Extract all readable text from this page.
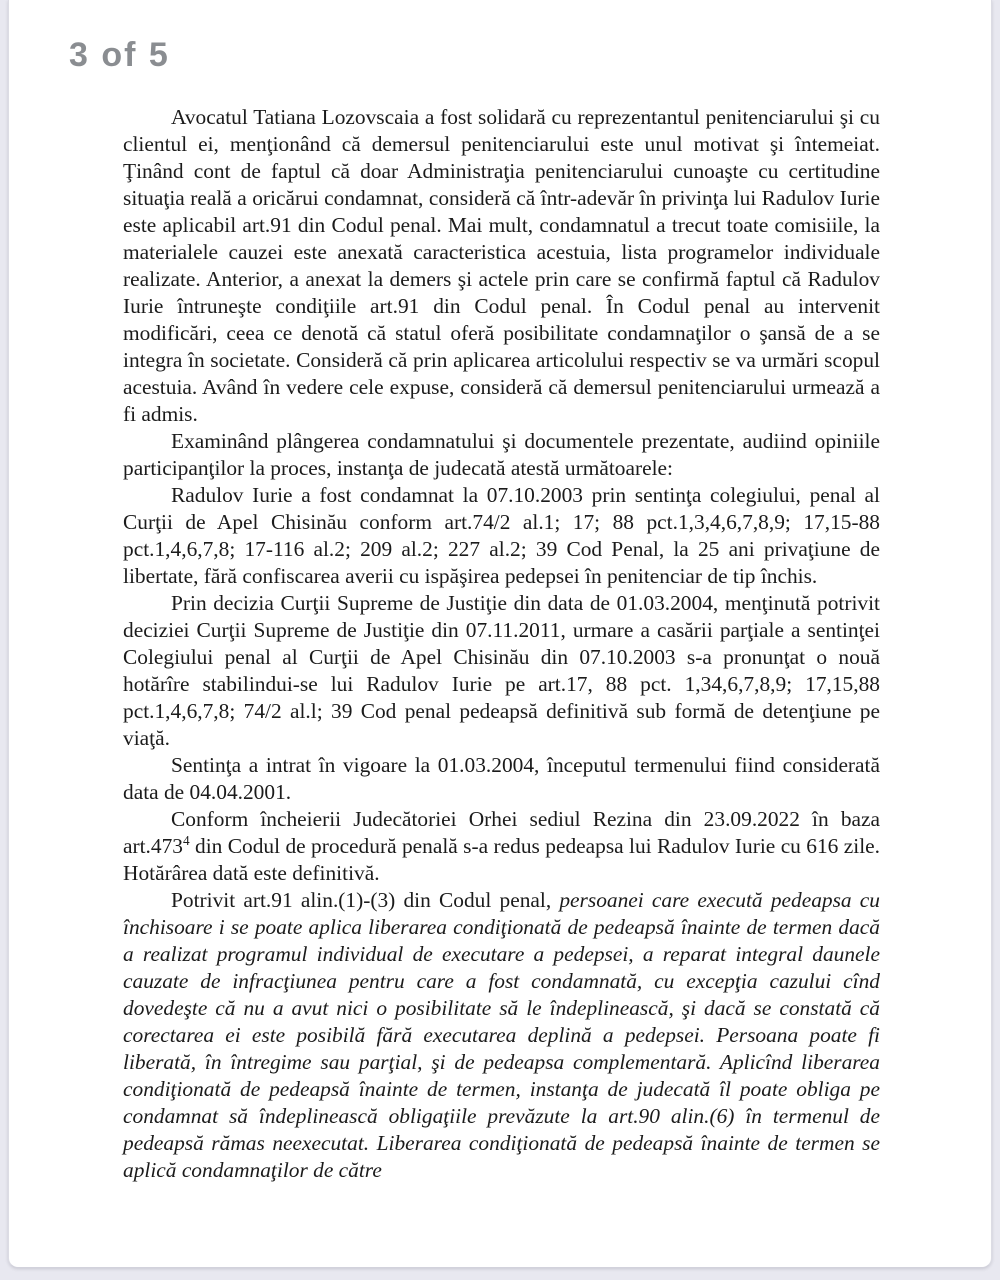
3 of 5

Avocatul Tatiana Lozovscaia a fost solidară cu reprezentantul penitenciarului şi cu clientul ei, menţionând că demersul penitenciarului este unul motivat şi întemeiat. Ţinând cont de faptul că doar Administraţia penitenciarului cunoaşte cu certitudine situaţia reală a oricărui condamnat, consideră că într-adevăr în privinţa lui Radulov Iurie este aplicabil art.91 din Codul penal. Mai mult, condamnatul a trecut toate comisiile, la materialele cauzei este anexată caracteristica acestuia, lista programelor individuale realizate. Anterior, a anexat la demers şi actele prin care se confirmă faptul că Radulov Iurie întruneşte condiţiile art.91 din Codul penal. În Codul penal au intervenit modificări, ceea ce denotă că statul oferă posibilitate condamnaţilor o şansă de a se integra în societate. Consideră că prin aplicarea articolului respectiv se va urmări scopul acestuia. Având în vedere cele expuse, consideră că demersul penitenciarului urmează a fi admis.

Examinând plângerea condamnatului şi documentele prezentate, audiind opiniile participanţilor la proces, instanţa de judecată atestă următoarele:

Radulov Iurie a fost condamnat la 07.10.2003 prin sentinţa colegiului, penal al Curţii de Apel Chisinău conform art.74/2 al.1; 17; 88 pct.1,3,4,6,7,8,9; 17,15-88 pct.1,4,6,7,8; 17-116 al.2; 209 al.2; 227 al.2; 39 Cod Penal, la 25 ani privaţiune de libertate, fără confiscarea averii cu ispăşirea pedepsei în penitenciar de tip închis.

Prin decizia Curţii Supreme de Justiţie din data de 01.03.2004, menţinută potrivit deciziei Curţii Supreme de Justiţie din 07.11.2011, urmare a casării parţiale a sentinţei Colegiului penal al Curţii de Apel Chisinău din 07.10.2003 s-a pronunţat o nouă hotărîre stabilindui-se lui Radulov Iurie pe art.17, 88 pct. 1,34,6,7,8,9; 17,15,88 pct.1,4,6,7,8; 74/2 al.l; 39 Cod penal pedeapsă definitivă sub formă de detenţiune pe viaţă.

Sentinţa a intrat în vigoare la 01.03.2004, începutul termenului fiind considerată data de 04.04.2001.

Conform încheierii Judecătoriei Orhei sediul Rezina din 23.09.2022 în baza art.473$^4$ din Codul de procedură penală s-a redus pedeapsa lui Radulov Iurie cu 616 zile. Hotărârea dată este definitivă.

Potrivit art.91 alin.(1)-(3) din Codul penal, persoanei care execută pedeapsa cu închisoare i se poate aplica liberarea condiţionată de pedeapsă înainte de termen dacă a realizat programul individual de executare a pedepsei, a reparat integral daunele cauzate de infracţiunea pentru care a fost condamnată, cu excepţia cazului cînd dovedeşte că nu a avut nici o posibilitate să le îndeplinească, şi dacă se constată că corectarea ei este posibilă fără executarea deplină a pedepsei. Persoana poate fi liberată, în întregime sau parţial, şi de pedeapsa complementară. Aplicînd liberarea condiţionată de pedeapsă înainte de termen, instanţa de judecată îl poate obliga pe condamnat să îndeplinească obligaţiile prevăzute la art.90 alin.(6) în termenul de pedeapsă rămas neexecutat. Liberarea condiţionată de pedeapsă înainte de termen se aplică condamnaţilor de către
